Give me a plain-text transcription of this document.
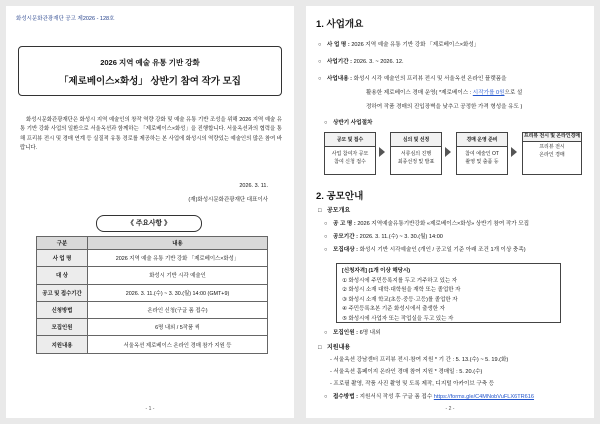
화성시문화관광재단 공고 제2026 - 128호
2026 지역 예술 유통 기반 강화
「제로베이스×화성」 상반기 참여 작가 모집
화성시문화관광재단은 화성시 지역 예술인의 창작 역량 강화 및 예술 유통 기반 조성을 위해 2026 지역 예술 유통 기반 강화 사업의 일환으로 서울옥션과 함께하는 「제로베이스×화성」을 진행합니다. 서울옥션과의 협력을 통해 프리뷰 전시 및 경매 연계 등 실질적 유통 경로를 제공하는 본 사업에 화성시의 역량있는 예술인의 많은 참여 바랍니다.
2026. 3. 11.
(재)화성시문화관광재단 대표이사
《 주요사항 》
구분	내용
사 업 명	2026 지역 예술 유통 기반 강화 「제로베이스×화성」
대 상	화성시 기반 시각 예술인
공고 및 접수기간	2026. 3. 11.(수) ~ 3. 30.(월) 14:00 (GMT+9)
신청방법	온라인 신청(구글 폼 접수)
모집인원	6명 내외 / 5작품 씩
지원내용	서울옥션 제로베이스 온라인 경매 참가 지원 등
- 1 -
1. 사업개요
○ 사 업 명 : 2026 지역 예술 유통 기반 강화 「제로베이스×화성」
○ 사업기간 : 2026. 3. ~ 2026. 12.
○ 사업내용 : 화성시 시각 예술인의 프리뷰 전시 및 서울옥션 온라인 플랫폼을
활용한 제로베이스 경매 운영( *제로베이스 : 시작가를 0원으로 설
정하여 작품 경매의 진입장벽을 낮추고 공정한 가격 형성을 유도 )
○ 상반기 사업절차
공모 및 접수
사업 참여자 공모
참여 신청 접수
심의 및 선정
서류심의 진행
최종선정 및 발표
경매 운영 준비
참여 예술인 OT
촬영 및 출품 등
프리뷰 전시 및 온라인경매
프리뷰 전시
온라인 경매
2. 공모안내
□ 공모개요
○ 공 고 명 : 2026 지역예술유통기반강화 «제로베이스×화성» 상반기 참여 작가 모집
○ 공모기간 : 2026. 3. 11.(수) ~ 3. 30.(월) 14:00
○ 모집대상 : 화성시 기반 시각예술인 (개인 / 공고일 기준 아래 조건 1개 이상 충족)
[신청자격] (1개 이상 해당시)
① 화성시에 주민등록지를 두고 거주하고 있는 자
② 화성시 소재 대학·대학원을 재학 또는 졸업한 자
③ 화성시 소재 학교(초등·중등·고등)를 졸업한 자
④ 주민등록초본 기준 화성시에서 출생한 자
⑤ 화성시에 사업자 또는 작업실을 두고 있는 자
○ 모집인원 : 6명 내외
□ 지원내용
- 서울옥션 강남센터 프리뷰 전시·참여 지원 * 기 간 : 5. 13.(수) ~ 5. 19.(화)
- 서울옥션 홈페이지 온라인 경매 참여 지원 * 경매일 : 5. 20.(수)
- 프로필 촬영, 작품 사진 촬영 및 도록 제작, 디지털 아카이브 구축 등
○ 접수방법 : 지원서식 작성 후 구글 폼 접수 https://forms.gle/C4MNobVuFLX6TR616
- 2 -
